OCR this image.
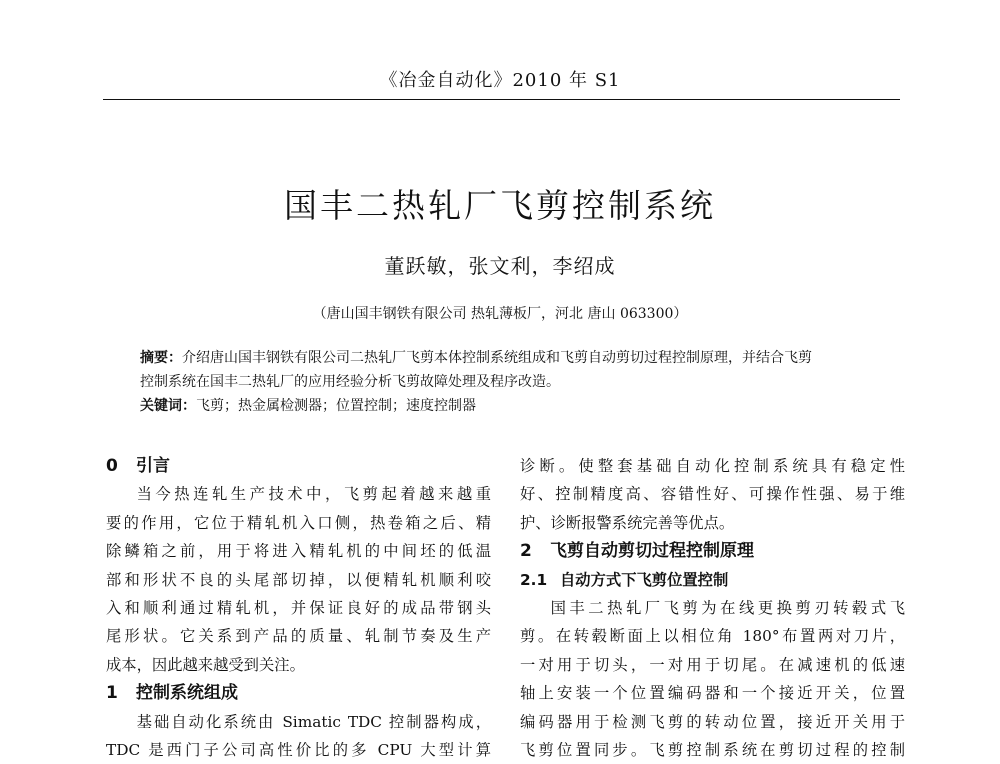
《冶金自动化》2010 年 S1
国丰二热轧厂飞剪控制系统
董跃敏，张文利，李绍成
（唐山国丰钢铁有限公司 热轧薄板厂，河北 唐山 063300）

摘要：介绍唐山国丰钢铁有限公司二热轧厂飞剪本体控制系统组成和飞剪自动剪切过程控制原理，并结合飞剪
控制系统在国丰二热轧厂的应用经验分析飞剪故障处理及程序改造。

关键词：飞剪；热金属检测器；位置控制；速度控制器

0 引言

当今热连轧生产技术中，飞剪起着越来越重

要的作用，它位于精轧机入口侧，热卷箱之后、精

除鳞箱之前，用于将进入精轧机的中间坯的低温

部和形状不良的头尾部切掉，以便精轧机顺利咬

入和顺利通过精轧机，并保证良好的成品带钢头

尾形状。它关系到产品的质量、轧制节奏及生产

成本，因此越来越受到关注。

1 控制系统组成

基础自动化系统由 Simatic TDC 控制器构成，

TDC 是西门子公司高性价比的多 CPU 大型计算

诊断。使整套基础自动化控制系统具有稳定性

好、控制精度高、容错性好、可操作性强、易于维

护、诊断报警系统完善等优点。

2 飞剪自动剪切过程控制原理
2.1 自动方式下飞剪位置控制

国丰二热轧厂飞剪为在线更换剪刃转毂式飞

剪。在转毂断面上以相位角 180°布置两对刀片，

一对用于切头，一对用于切尾。在减速机的低速

轴上安装一个位置编码器和一个接近开关，位置

编码器用于检测飞剪的转动位置，接近开关用于

飞剪位置同步。飞剪控制系统在剪切过程的控制
